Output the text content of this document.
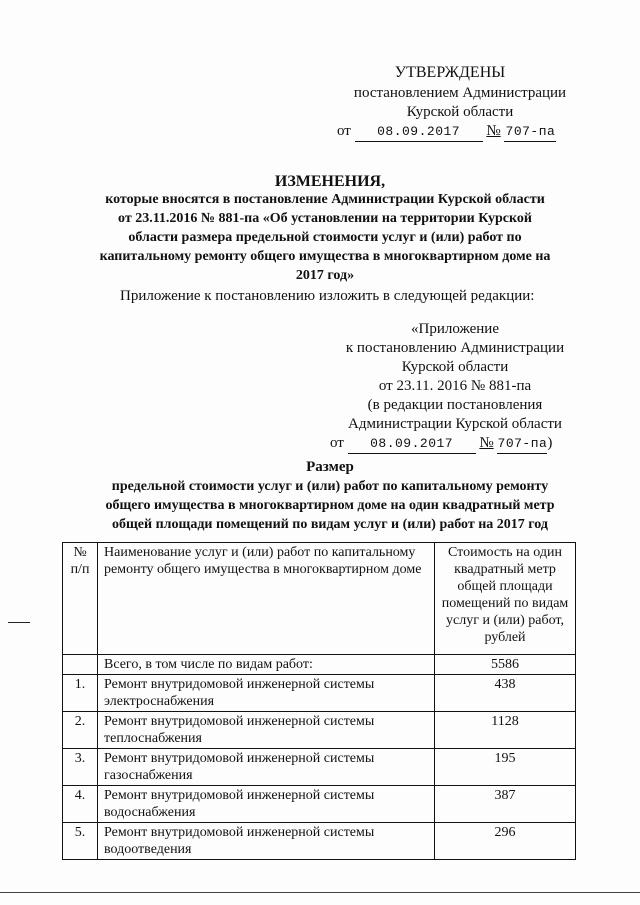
УТВЕРЖДЕНЫ
постановлением Администрации
Курской области
от 08.09.2017 № 707-па
ИЗМЕНЕНИЯ,
которые вносятся в постановление Администрации Курской области
от 23.11.2016 № 881-па «Об установлении на территории Курской
области размера предельной стоимости услуг и (или) работ по
капитальному ремонту общего имущества в многоквартирном доме на
2017 год»
Приложение к постановлению изложить в следующей редакции:
«Приложение
к постановлению Администрации
Курской области
от 23.11. 2016 № 881-па
(в редакции постановления
Администрации Курской области
от 08.09.2017 № 707-па)
Размер
предельной стоимости услуг и (или) работ по капитальному ремонту
общего имущества в многоквартирном доме на один квадратный метр
общей площади помещений по видам услуг и (или) работ на 2017 год
№ п/п	Наименование услуг и (или) работ по капитальному ремонту общего имущества в многоквартирном доме	Стоимость на один квадратный метр общей площади помещений по видам услуг и (или) работ, рублей
	Всего, в том числе по видам работ:	5586
1.	Ремонт внутридомовой инженерной системы электроснабжения	438
2.	Ремонт внутридомовой инженерной системы теплоснабжения	1128
3.	Ремонт внутридомовой инженерной системы газоснабжения	195
4.	Ремонт внутридомовой инженерной системы водоснабжения	387
5.	Ремонт внутридомовой инженерной системы водоотведения	296
